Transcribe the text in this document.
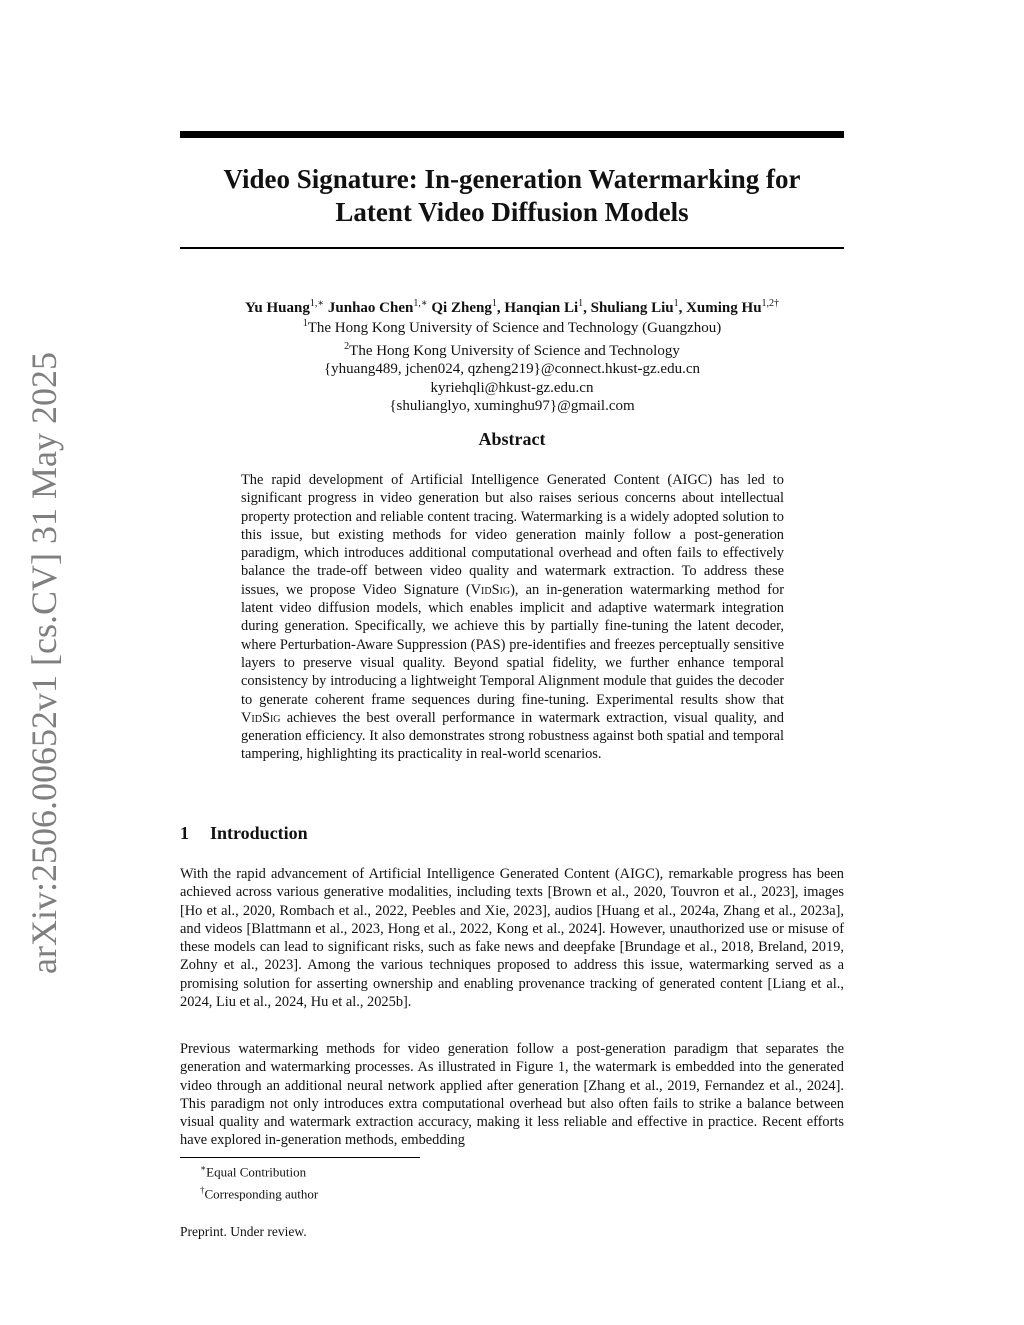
arXiv:2506.00652v1 [cs.CV] 31 May 2025
Video Signature: In-generation Watermarking for
Latent Video Diffusion Models
Yu Huang$^{1,∗}$ Junhao Chen$^{1,∗}$ Qi Zheng$^1$, Hanqian Li$^1$, Shuliang Liu$^1$, Xuming $Hu^{1,2\dagger}$
$^1$The Hong Kong University of Science and Technology (Guangzhou)
$^2$The Hong Kong University of Science and Technology
{yhuang489, jchen024, qzheng219}@connect.hkust-gz.edu.cn
kyriehqli@hkust-gz.edu.cn
{shulianglyo, xuminghu97}@gmail.com
Abstract
The rapid development of Artificial Intelligence Generated Content (AIGC) has led to significant progress in video generation but also raises serious concerns about intellectual property protection and reliable content tracing. Watermarking is a widely adopted solution to this issue, but existing methods for video generation mainly follow a post-generation paradigm, which introduces additional computational overhead and often fails to effectively balance the trade-off between video quality and watermark extraction. To address these issues, we propose Video Signature (VidSig), an in-generation watermarking method for latent video diffusion models, which enables implicit and adaptive watermark integration during generation. Specifically, we achieve this by partially fine-tuning the latent decoder, where Perturbation-Aware Suppression (PAS) pre-identifies and freezes perceptually sensitive layers to preserve visual quality. Beyond spatial fidelity, we further enhance temporal consistency by introducing a lightweight Temporal Alignment module that guides the decoder to generate coherent frame sequences during fine-tuning. Experimental results show that VidSig achieves the best overall performance in watermark extraction, visual quality, and generation efficiency. It also demonstrates strong robustness against both spatial and temporal tampering, highlighting its practicality in real-world scenarios.
1 Introduction
With the rapid advancement of Artificial Intelligence Generated Content (AIGC), remarkable progress has been achieved across various generative modalities, including texts [Brown et al., 2020, Touvron et al., 2023], images [Ho et al., 2020, Rombach et al., 2022, Peebles and Xie, 2023], audios [Huang et al., 2024a, Zhang et al., 2023a], and videos [Blattmann et al., 2023, Hong et al., 2022, Kong et al., 2024]. However, unauthorized use or misuse of these models can lead to significant risks, such as fake news and deepfake [Brundage et al., 2018, Breland, 2019, Zohny et al., 2023]. Among the various techniques proposed to address this issue, watermarking served as a promising solution for asserting ownership and enabling provenance tracking of generated content [Liang et al., 2024, Liu et al., 2024, Hu et al., 2025b].
Previous watermarking methods for video generation follow a post-generation paradigm that separates the generation and watermarking processes. As illustrated in Figure 1, the watermark is embedded into the generated video through an additional neural network applied after generation [Zhang et al., 2019, Fernandez et al., 2024]. This paradigm not only introduces extra computational overhead but also often fails to strike a balance between visual quality and watermark extraction accuracy, making it less reliable and effective in practice. Recent efforts have explored in-generation methods, embedding
∗Equal Contribution
†Corresponding author
Preprint. Under review.
